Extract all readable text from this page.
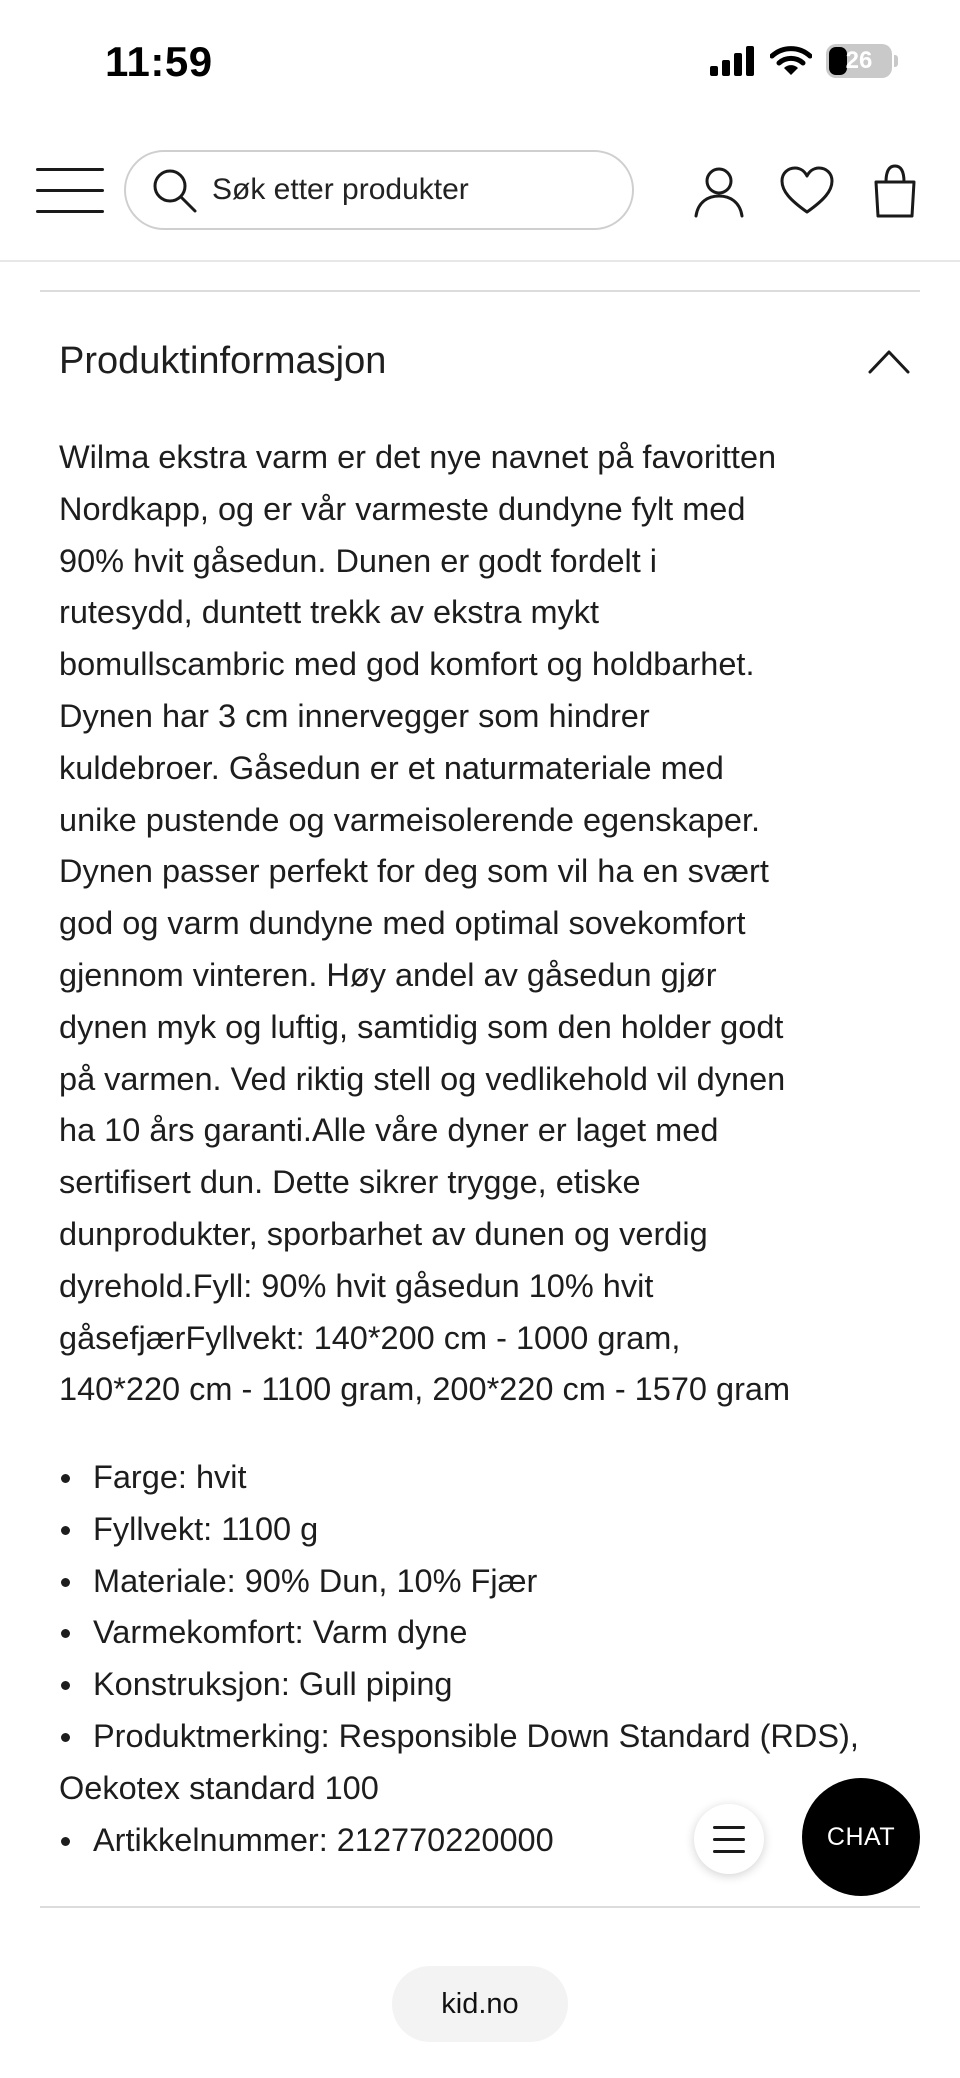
11:59	26
Søk etter produkter
Produktinformasjon
Wilma ekstra varm er det nye navnet på favoritten
Nordkapp, og er vår varmeste dundyne fylt med
90% hvit gåsedun. Dunen er godt fordelt i
rutesydd, duntett trekk av ekstra mykt
bomullscambric med god komfort og holdbarhet.
Dynen har 3 cm innervegger som hindrer
kuldebroer. Gåsedun er et naturmateriale med
unike pustende og varmeisolerende egenskaper.
Dynen passer perfekt for deg som vil ha en svært
god og varm dundyne med optimal sovekomfort
gjennom vinteren. Høy andel av gåsedun gjør
dynen myk og luftig, samtidig som den holder godt
på varmen. Ved riktig stell og vedlikehold vil dynen
ha 10 års garanti.Alle våre dyner er laget med
sertifisert dun. Dette sikrer trygge, etiske
dunprodukter, sporbarhet av dunen og verdig
dyrehold.Fyll: 90% hvit gåsedun 10% hvit
gåsefjærFyllvekt: 140*200 cm - 1000 gram,
140*220 cm - 1100 gram, 200*220 cm - 1570 gram
Farge: hvit
Fyllvekt: 1100 g
Materiale: 90% Dun, 10% Fjær
Varmekomfort: Varm dyne
Konstruksjon: Gull piping
Produktmerking: Responsible Down Standard (RDS), Oekotex standard 100
Artikkelnummer: 212770220000	CHAT
kid.no
